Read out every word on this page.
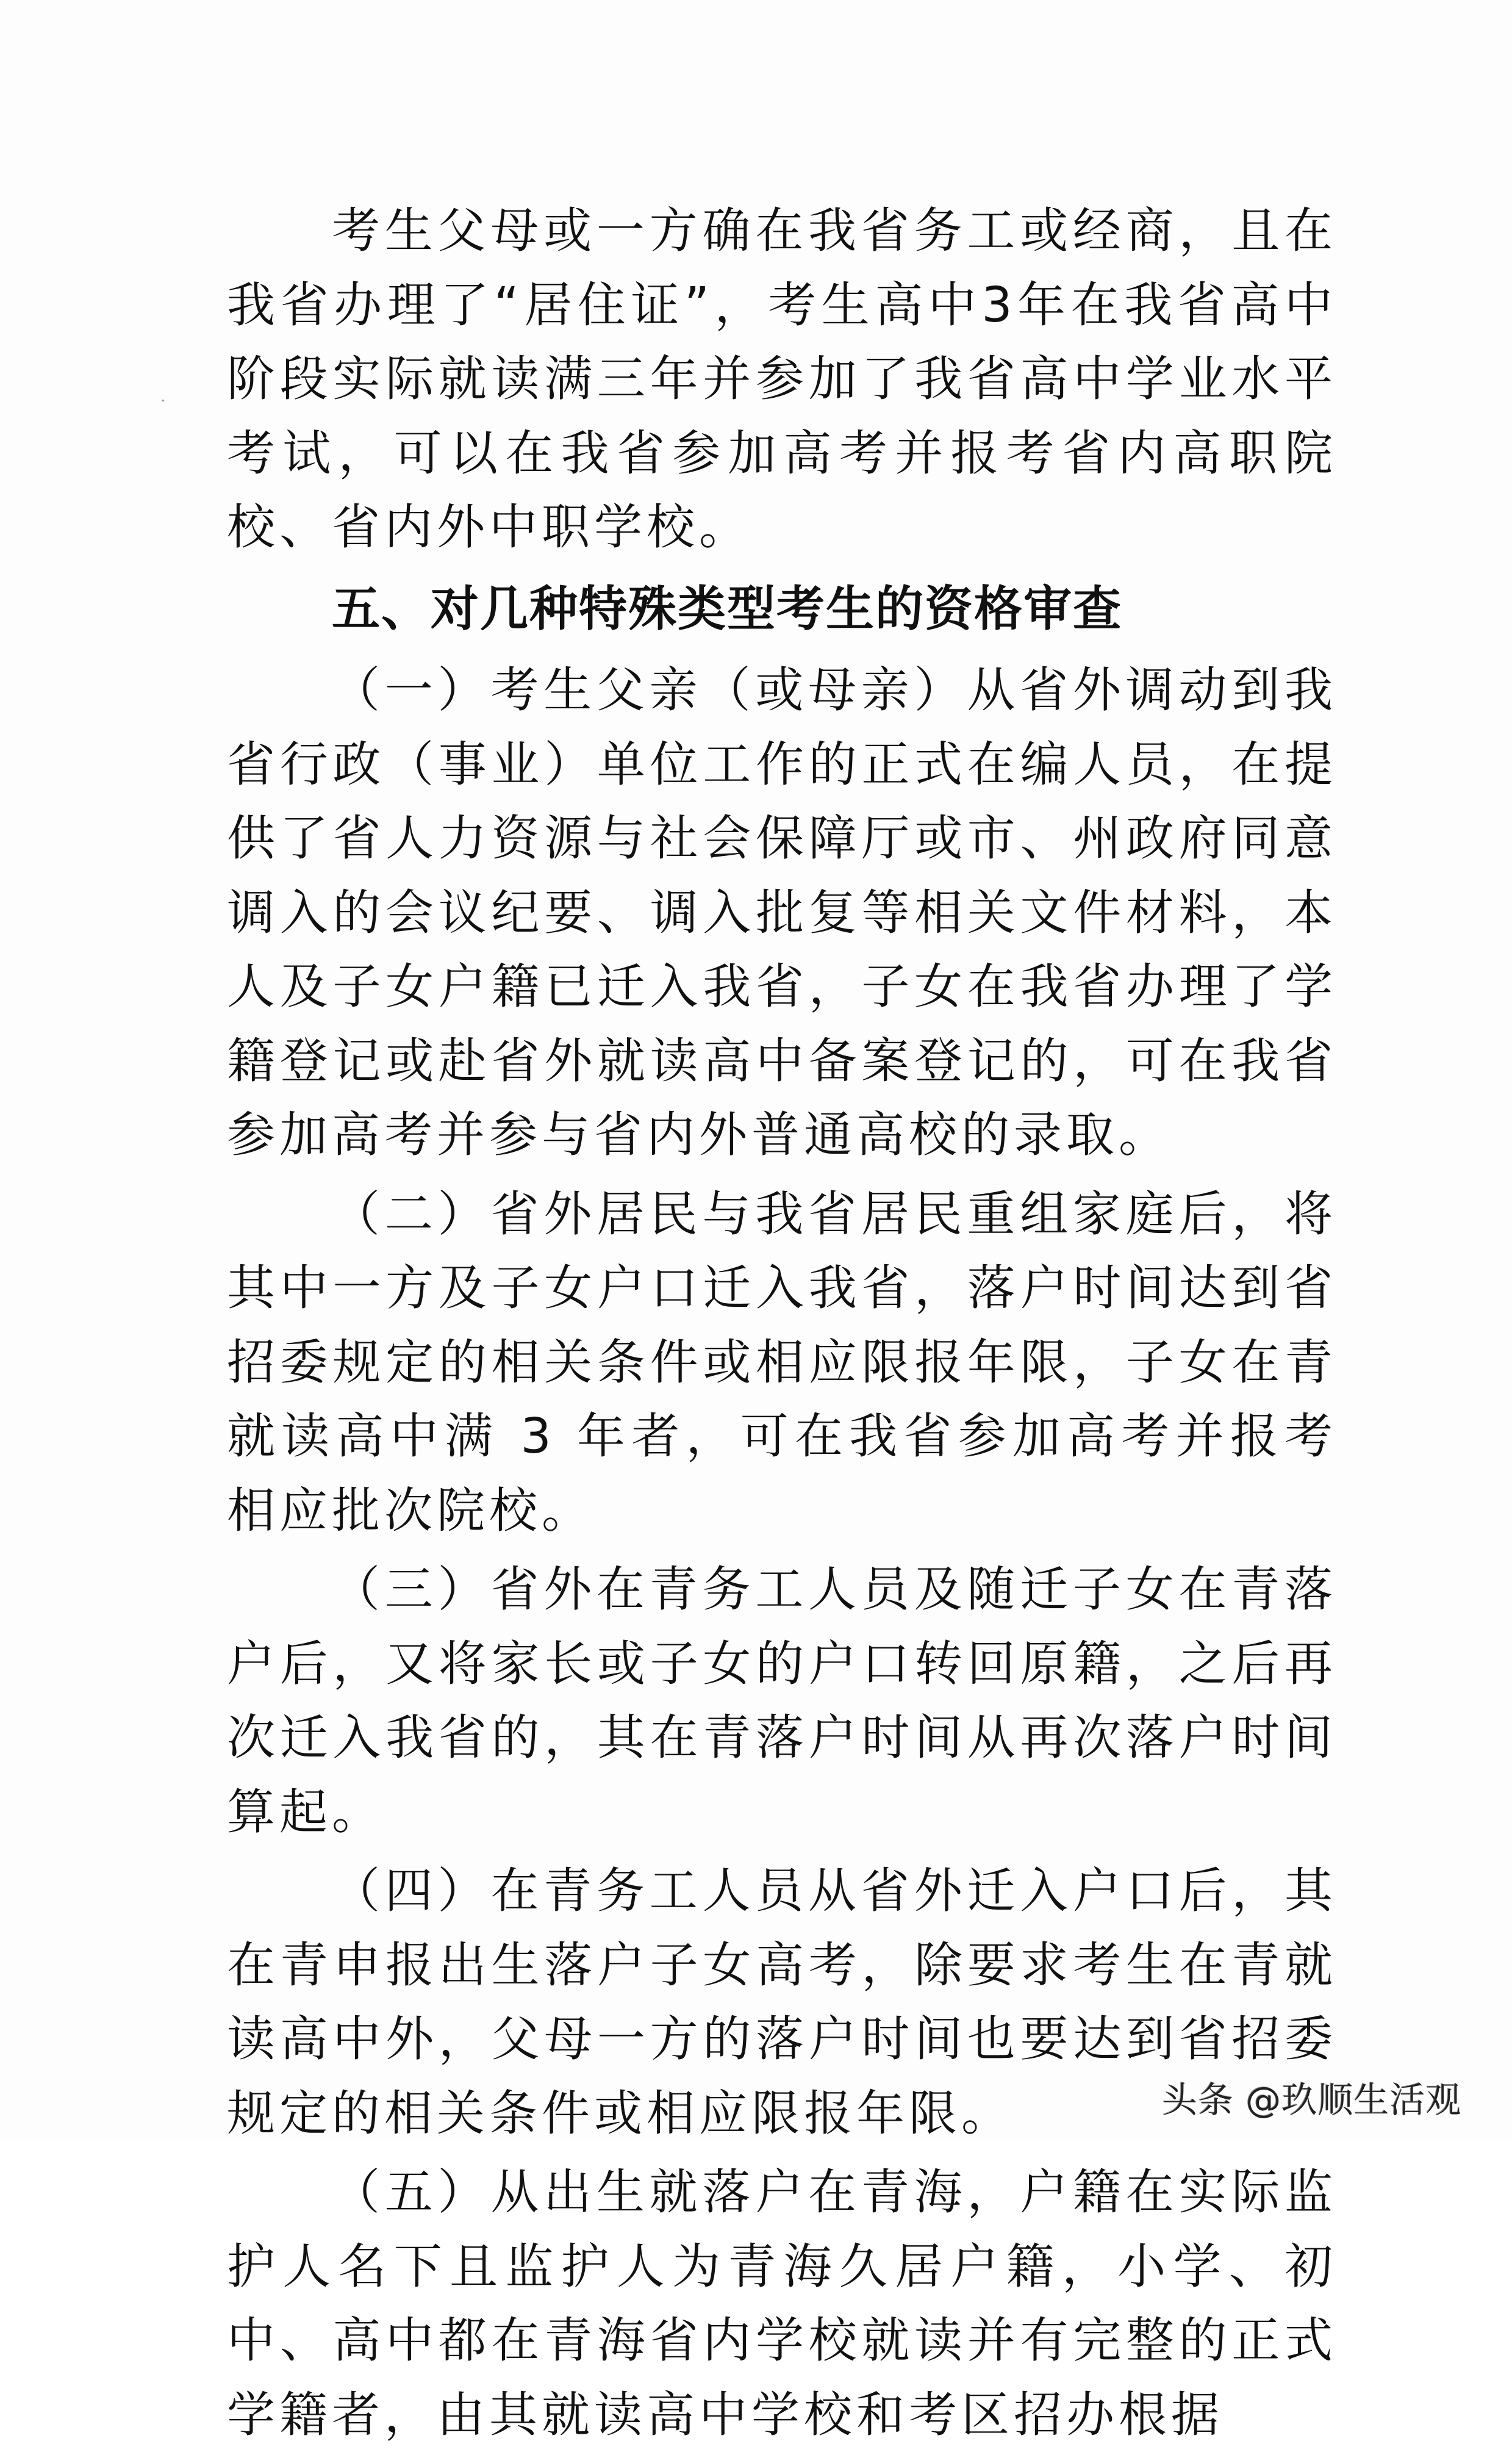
考生父母或一方确在我省务工或经商，且在我省办理了“居住证”，考生高中3年在我省高中阶段实际就读满三年并参加了我省高中学业水平考试，可以在我省参加高考并报考省内高职院校、省内外中职学校。

五、对几种特殊类型考生的资格审查

（一）考生父亲（或母亲）从省外调动到我省行政（事业）单位工作的正式在编人员，在提供了省人力资源与社会保障厅或市、州政府同意调入的会议纪要、调入批复等相关文件材料，本人及子女户籍已迁入我省，子女在我省办理了学籍登记或赴省外就读高中备案登记的，可在我省参加高考并参与省内外普通高校的录取。

（二）省外居民与我省居民重组家庭后，将其中一方及子女户口迁入我省，落户时间达到省招委规定的相关条件或相应限报年限，子女在青就读高中满 3 年者，可在我省参加高考并报考相应批次院校。

（三）省外在青务工人员及随迁子女在青落户后，又将家长或子女的户口转回原籍，之后再次迁入我省的，其在青落户时间从再次落户时间算起。

（四）在青务工人员从省外迁入户口后，其在青申报出生落户子女高考，除要求考生在青就读高中外，父母一方的落户时间也要达到省招委规定的相关条件或相应限报年限。

（五）从出生就落户在青海，户籍在实际监护人名下且监护人为青海久居户籍，小学、初中、高中都在青海省内学校就读并有完整的正式学籍者，由其就读高中学校和考区招办根据

头条 @玖顺生活观
